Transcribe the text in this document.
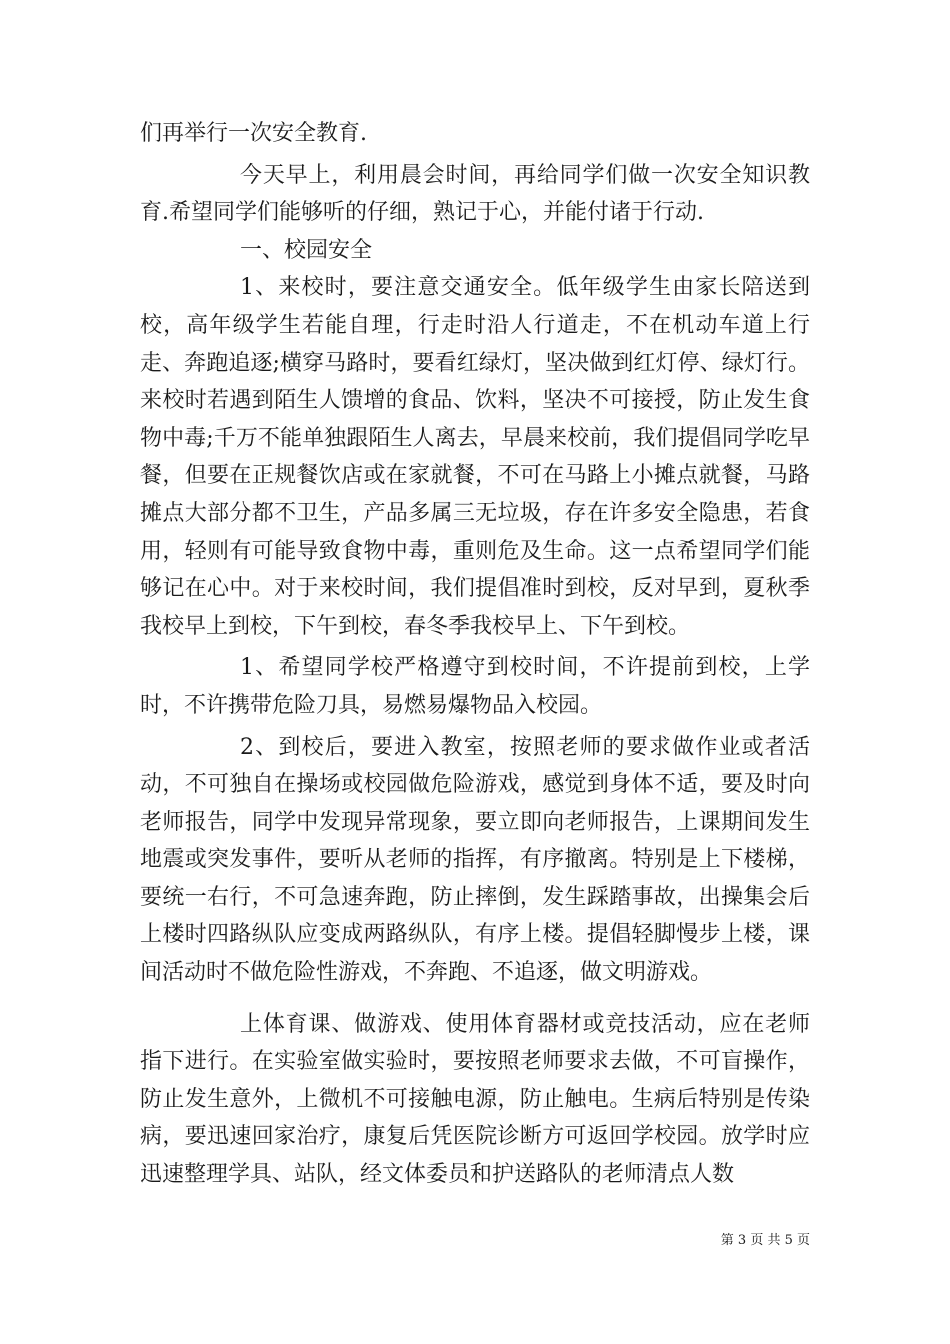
们再举行一次安全教育.

今天早上，利用晨会时间，再给同学们做一次安全知识教育.希望同学们能够听的仔细，熟记于心，并能付诸于行动.

一、校园安全

1、来校时，要注意交通安全。低年级学生由家长陪送到校，高年级学生若能自理，行走时沿人行道走，不在机动车道上行走、奔跑追逐;横穿马路时，要看红绿灯，坚决做到红灯停、绿灯行。来校时若遇到陌生人馈增的食品、饮料，坚决不可接授，防止发生食物中毒;千万不能单独跟陌生人离去，早晨来校前，我们提倡同学吃早餐，但要在正规餐饮店或在家就餐，不可在马路上小摊点就餐，马路摊点大部分都不卫生，产品多属三无垃圾，存在许多安全隐患，若食用，轻则有可能导致食物中毒，重则危及生命。这一点希望同学们能够记在心中。对于来校时间，我们提倡准时到校，反对早到，夏秋季我校早上到校，下午到校，春冬季我校早上、下午到校。

1、希望同学校严格遵守到校时间，不许提前到校，上学时，不许携带危险刀具，易燃易爆物品入校园。

2、到校后，要进入教室，按照老师的要求做作业或者活动，不可独自在操场或校园做危险游戏，感觉到身体不适，要及时向老师报告，同学中发现异常现象，要立即向老师报告，上课期间发生地震或突发事件，要听从老师的指挥，有序撤离。特别是上下楼梯，要统一右行，不可急速奔跑，防止摔倒，发生踩踏事故，出操集会后上楼时四路纵队应变成两路纵队，有序上楼。提倡轻脚慢步上楼，课间活动时不做危险性游戏，不奔跑、不追逐，做文明游戏。

上体育课、做游戏、使用体育器材或竞技活动，应在老师指下进行。在实验室做实验时，要按照老师要求去做，不可盲操作，防止发生意外，上微机不可接触电源，防止触电。生病后特别是传染病，要迅速回家治疗，康复后凭医院诊断方可返回学校园。放学时应迅速整理学具、站队，经文体委员和护送路队的老师清点人数

第 3 页 共 5 页
